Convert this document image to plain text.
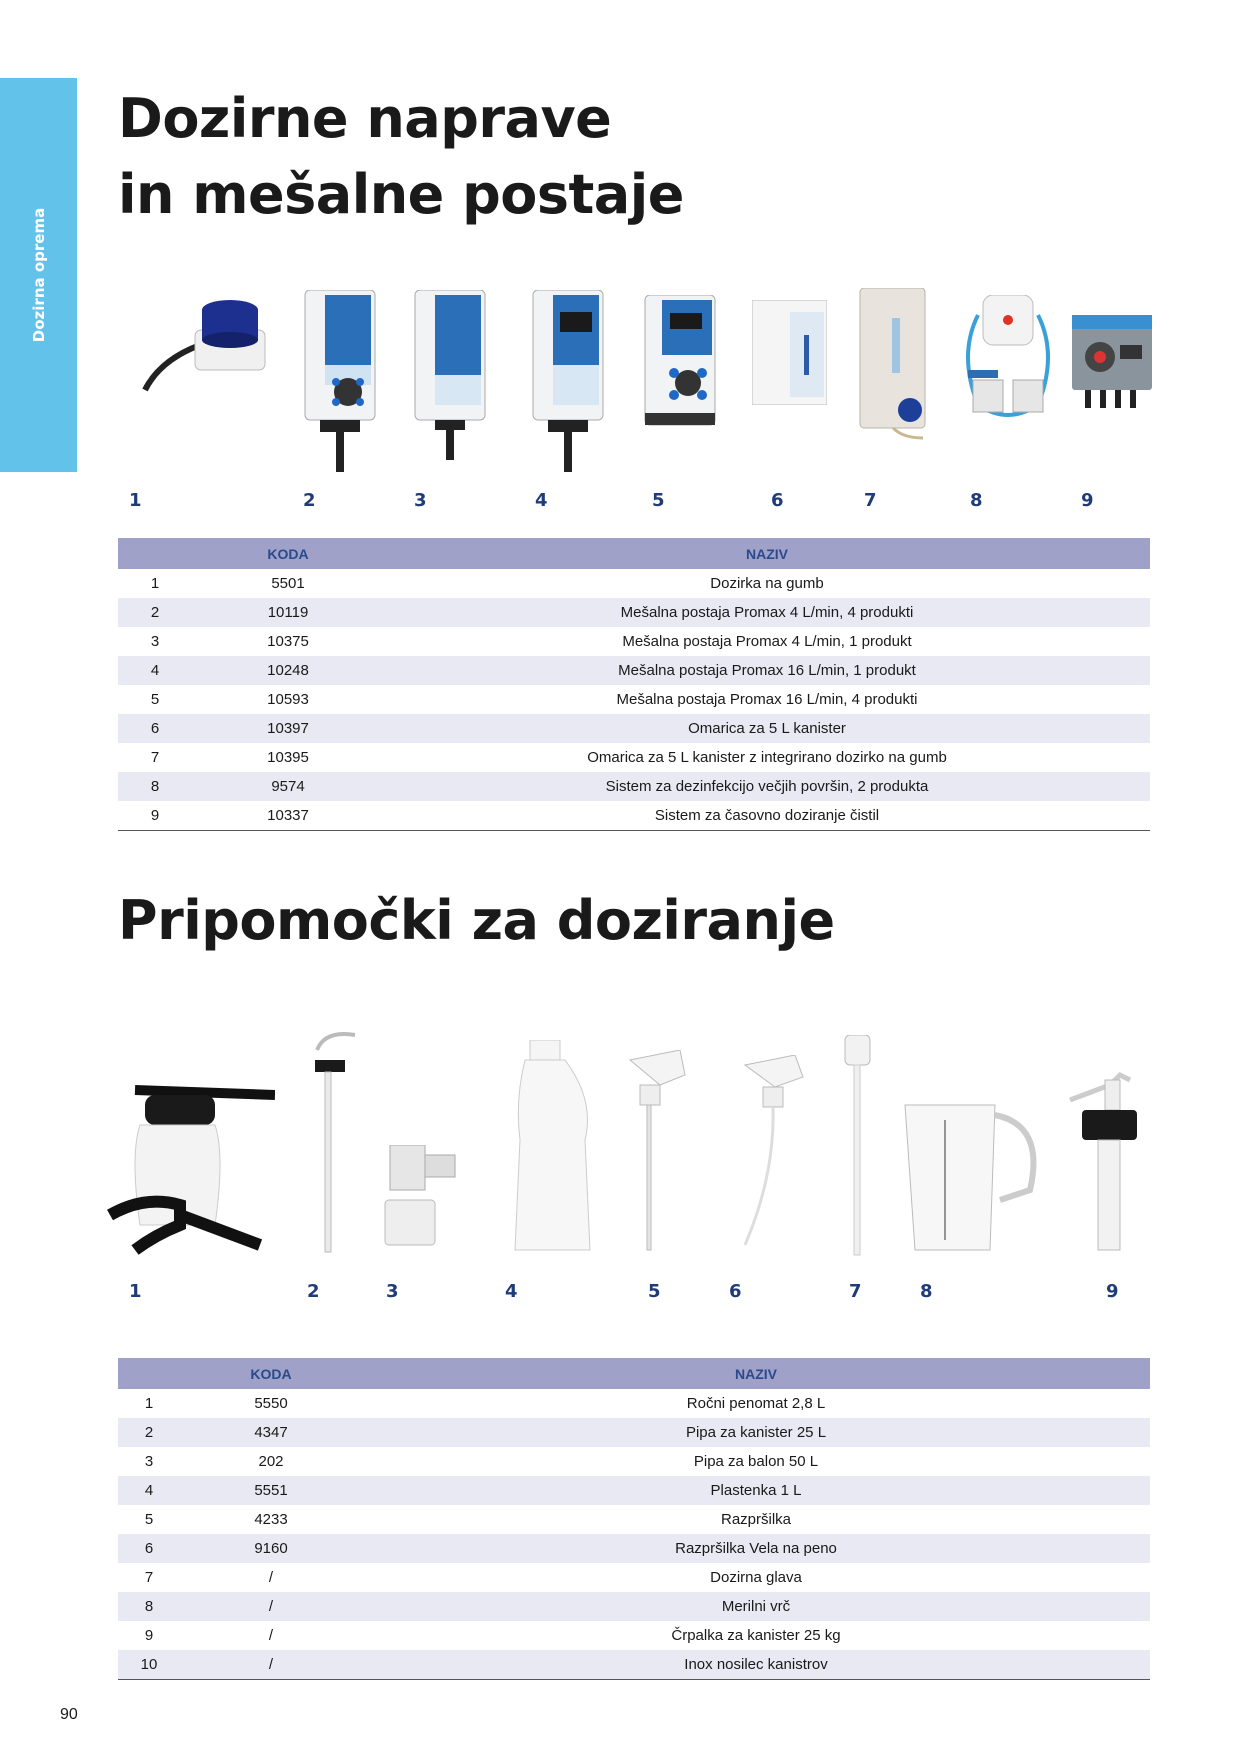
Dozirna oprema
Dozirne naprave
in mešalne postaje
1	2	3	4	5	6	7	8	9
	KODA	NAZIV
1	5501	Dozirka na gumb
2	10119	Mešalna postaja Promax 4 L/min, 4 produkti
3	10375	Mešalna postaja Promax 4 L/min, 1 produkt
4	10248	Mešalna postaja Promax 16 L/min, 1 produkt
5	10593	Mešalna postaja Promax 16 L/min, 4 produkti
6	10397	Omarica za 5 L kanister
7	10395	Omarica za 5 L kanister z integrirano dozirko na gumb
8	9574	Sistem za dezinfekcijo večjih površin, 2 produkta
9	10337	Sistem za časovno doziranje čistil
Pripomočki za doziranje
1	2	3	4	5	6	7	8	9
	KODA	NAZIV
1	5550	Ročni penomat 2,8 L
2	4347	Pipa za kanister 25 L
3	202	Pipa za balon 50 L
4	5551	Plastenka 1 L
5	4233	Razpršilka
6	9160	Razpršilka Vela na peno
7	/	Dozirna glava
8	/	Merilni vrč
9	/	Črpalka za kanister 25 kg
10	/	Inox nosilec kanistrov
90
